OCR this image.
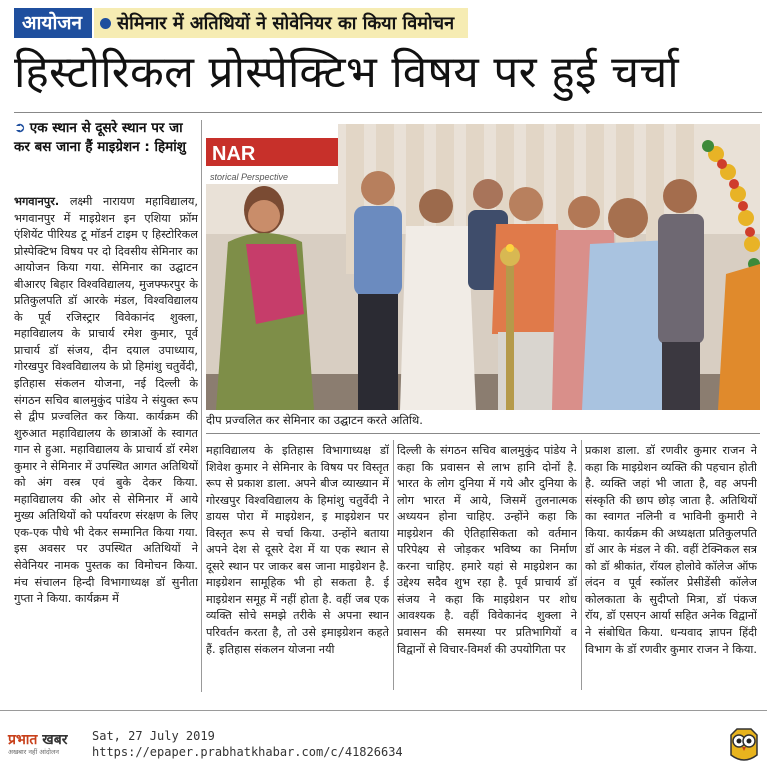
आयोजन	सेमिनार में अतिथियों ने सोवेनियर का किया विमोचन
हिस्टोरिकल प्रोस्पेक्टिभ विषय पर हुई चर्चा
➲ एक स्थान से दूसरे स्थान पर जा कर बस जाना हैं माइग्रेशन : हिमांशु

भगवानपुर. लक्ष्मी नारायण महाविद्यालय, भगवानपुर में माइग्रेशन इन एशिया फ्रॉम एंशियेंट पीरियड टू मॉडर्न टाइम ए हिस्टोरिकल प्रोस्पेक्टिभ विषय पर दो दिवसीय सेमिनार का आयोजन किया गया. सेमिनार का उद्घाटन बीआरए बिहार विश्वविद्यालय, मुजफ्फरपुर के प्रतिकुलपति डॉ आरके मंडल, विश्वविद्यालय के पूर्व रजिस्ट्रार विवेकानंद शुक्ला, महाविद्यालय के प्राचार्य रमेश कुमार, पूर्व प्राचार्य डॉ संजय, दीन दयाल उपाध्याय, गोरखपुर विश्वविद्यालय के प्रो हिमांशु चतुर्वेदी, इतिहास संकलन योजना, नई दिल्ली के संगठन सचिव बालमुकुंद पांडेय ने संयुक्त रूप से द्वीप प्रज्वलित कर किया. कार्यक्रम की शुरुआत महाविद्यालय के छात्राओं के स्वागत गान से हुआ. महाविद्यालय के प्राचार्य डॉ रमेश कुमार ने सेमिनार में उपस्थित आगत अतिथियों को अंग वस्त्र एवं बुके देकर किया. महाविद्यालय की ओर से सेमिनार में आये मुख्य अतिथियों को पर्यावरण संरक्षण के लिए एक-एक पौधे भी देकर सम्मानित किया गया. इस अवसर पर उपस्थित अतिथियों ने सेवेनियर नामक पुस्तक का विमोचन किया. मंच संचालन हिन्दी विभागाध्यक्ष डॉ सुनीता गुप्ता ने किया. कार्यक्रम में

NAR
storical Perspective
दीप प्रज्वलित कर सेमिनार का उद्घाटन करते अतिथि.

महाविद्यालय के इतिहास विभागाध्यक्ष डॉ शिवेश कुमार ने सेमिनार के विषय पर विस्तृत रूप से प्रकाश डाला. अपने बीज व्याख्यान में गोरखपुर विश्वविद्यालय के हिमांशु चतुर्वेदी ने डायस पोरा में माइग्रेशन, इ माइग्रेशन पर विस्तृत रूप से चर्चा किया. उन्होंने बताया अपने देश से दूसरे देश में या एक स्थान से दूसरे स्थान पर जाकर बस जाना माइग्रेशन है. माइग्रेशन सामूहिक भी हो सकता है. ई माइग्रेशन समूह में नहीं होता है. वहीं जब एक व्यक्ति सोचे समझे तरीके से अपना स्थान परिवर्तन करता है, तो उसे इमाइग्रेशन कहते हैं. इतिहास संकलन योजना नयी

दिल्ली के संगठन सचिव बालमुकुंद पांडेय ने कहा कि प्रवासन से लाभ हानि दोनों है. भारत के लोग दुनिया में गये और दुनिया के लोग भारत में आये, जिसमें तुलनात्मक अध्ययन होना चाहिए. उन्होंने कहा कि माइग्रेशन की ऐतिहासिकता को वर्तमान परिपेक्ष्य से जोड़कर भविष्य का निर्माण करना चाहिए. हमारे यहां से माइग्रेशन का उद्देश्य सदैव शुभ रहा है. पूर्व प्राचार्य डॉ संजय ने कहा कि माइग्रेशन पर शोध आवश्यक है. वहीं विवेकानंद शुक्ला ने प्रवासन की समस्या पर प्रतिभागियों व विद्वानों से विचार-विमर्श की उपयोगिता पर

प्रकाश डाला. डॉ रणवीर कुमार राजन ने कहा कि माइग्रेशन व्यक्ति की पहचान होती है. व्यक्ति जहां भी जाता है, वह अपनी संस्कृति की छाप छोड़ जाता है. अतिथियों का स्वागत नलिनी व भाविनी कुमारी ने किया. कार्यक्रम की अध्यक्षता प्रतिकुलपति डॉ आर के मंडल ने की. वहीं टेक्निकल सत्र को डॉ श्रीकांत, रॉयल होलोवे कॉलेज ऑफ लंदन व पूर्व स्कॉलर प्रेसीडेंसी कॉलेज कोलकाता के सुदीप्तो मित्रा, डॉ पंकज रॉय, डॉ एसएन आर्या सहित अनेक विद्वानों ने संबोधित किया. धन्यवाद ज्ञापन हिंदी विभाग के डॉ रणवीर कुमार राजन ने किया.

प्रभात खबर
अखबार नहीं आंदोलन
Sat, 27 July 2019
https://epaper.prabhatkhabar.com/c/41826634
